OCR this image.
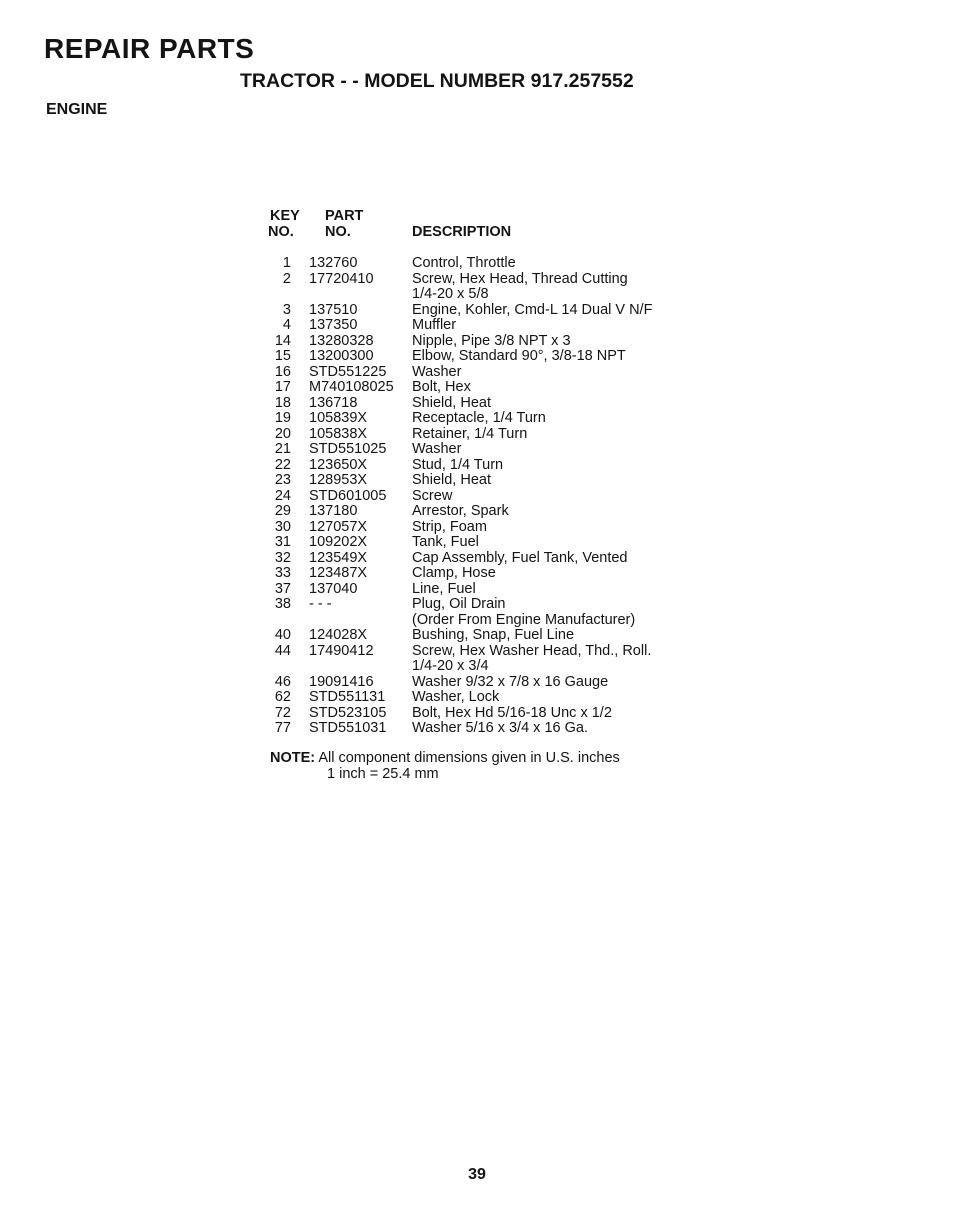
REPAIR PARTS
TRACTOR - - MODEL NUMBER 917.257552
ENGINE
KEY
NO.
PART
NO.	DESCRIPTION
1 132760	Control, Throttle
2 17720410	Screw, Hex Head, Thread Cutting
1/4-20 x 5/8
3 137510	Engine, Kohler, Cmd-L 14 Dual V N/F
4 137350	Muffler
14 13280328	Nipple, Pipe 3/8 NPT x 3
15 13200300	Elbow, Standard 90°, 3/8-18 NPT
16 STD551225 Washer
17 M740108025 Bolt, Hex
18 136718	Shield, Heat
19 105839X	Receptacle, 1/4 Turn
20 105838X	Retainer, 1/4 Turn
21 STD551025 Washer
22 123650X	Stud, 1/4 Turn
23 128953X	Shield, Heat
24 STD601005 Screw
29 137180	Arrestor, Spark
30 127057X	Strip, Foam
31 109202X	Tank, Fuel
32 123549X	Cap Assembly, Fuel Tank, Vented
33 123487X	Clamp, Hose
37 137040	Line, Fuel
38 - - -	Plug, Oil Drain
(Order From Engine Manufacturer)
40 124028X	Bushing, Snap, Fuel Line
44 17490412	Screw, Hex Washer Head, Thd., Roll.
1/4-20 x 3/4
46 19091416	Washer 9/32 x 7/8 x 16 Gauge
62 STD551131 Washer, Lock
72 STD523105 Bolt, Hex Hd 5/16-18 Unc x 1/2
77 STD551031 Washer 5/16 x 3/4 x 16 Ga.
NOTE: All component dimensions given in U.S. inches
1 inch = 25.4 mm
39
